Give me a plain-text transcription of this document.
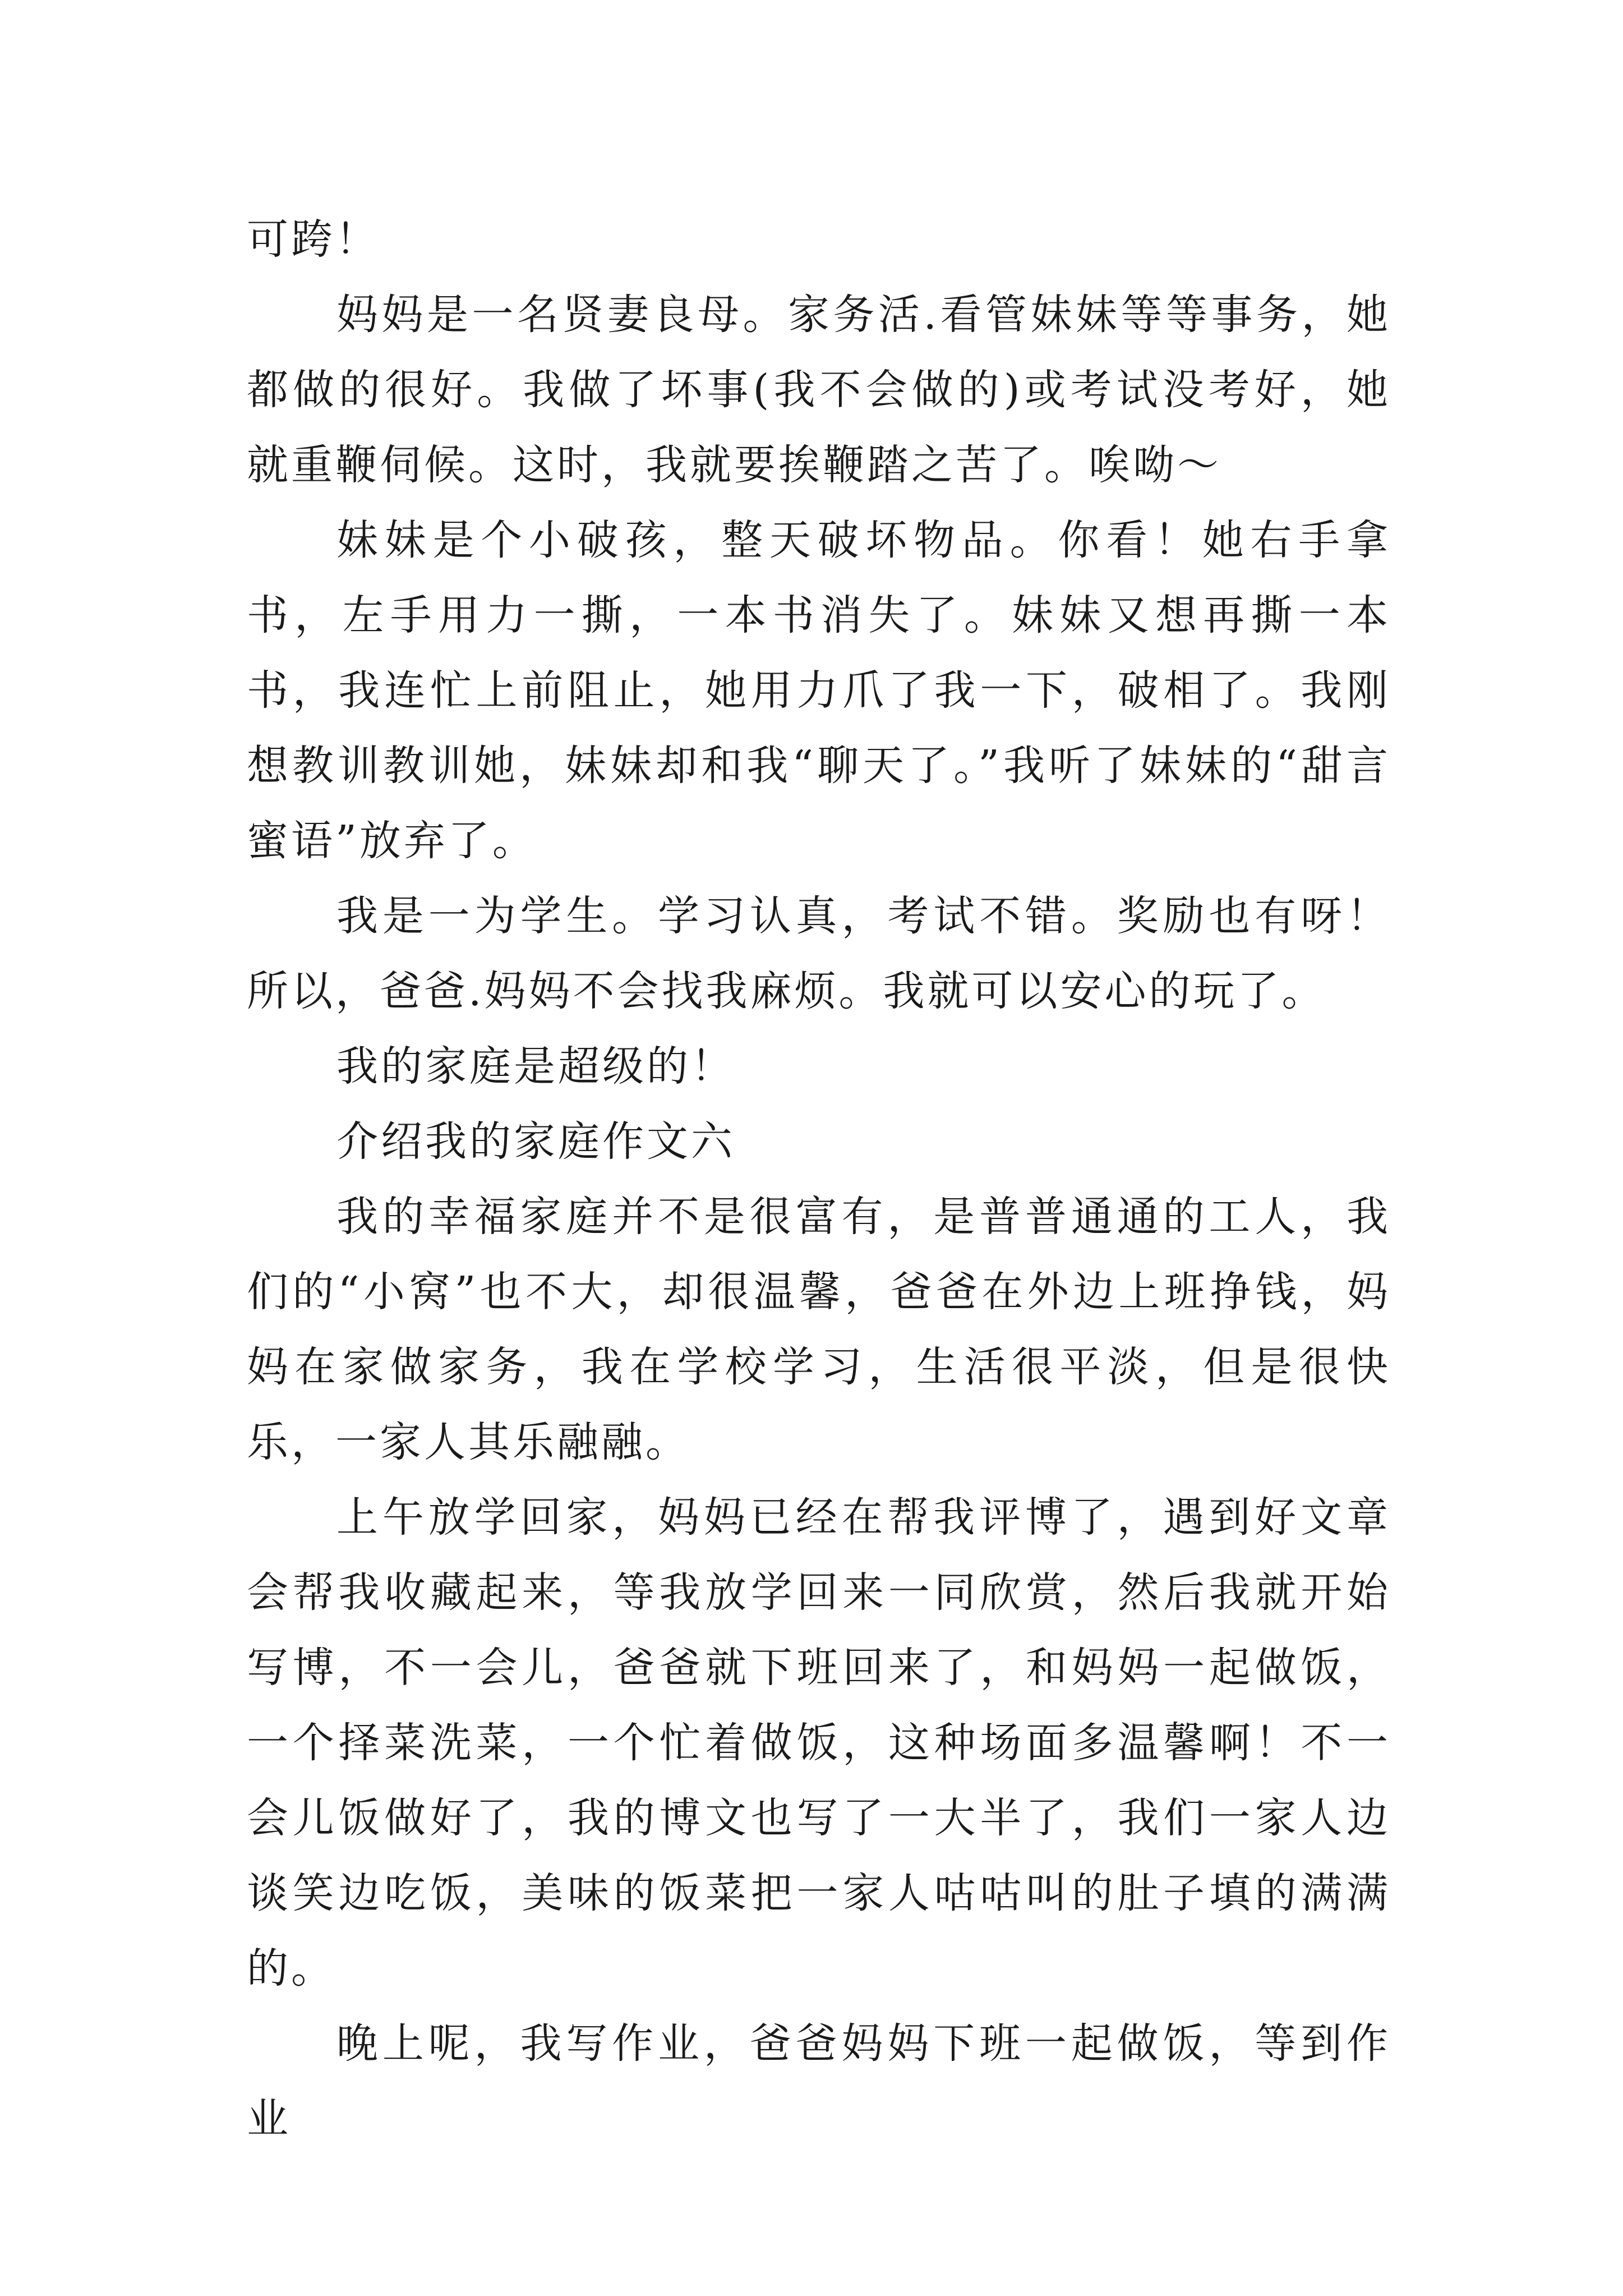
可跨！

妈妈是一名贤妻良母。家务活.看管妹妹等等事务，她都做的很好。我做了坏事(我不会做的)或考试没考好，她就重鞭伺候。这时，我就要挨鞭踏之苦了。唉呦～

妹妹是个小破孩，整天破坏物品。你看！她右手拿书，左手用力一撕，一本书消失了。妹妹又想再撕一本书，我连忙上前阻止，她用力爪了我一下，破相了。我刚想教训教训她，妹妹却和我“聊天了。”我听了妹妹的“甜言蜜语”放弃了。

我是一为学生。学习认真，考试不错。奖励也有呀！所以，爸爸.妈妈不会找我麻烦。我就可以安心的玩了。

我的家庭是超级的！

介绍我的家庭作文六

我的幸福家庭并不是很富有，是普普通通的工人，我们的“小窝”也不大，却很温馨，爸爸在外边上班挣钱，妈妈在家做家务，我在学校学习，生活很平淡，但是很快乐，一家人其乐融融。

上午放学回家，妈妈已经在帮我评博了，遇到好文章会帮我收藏起来，等我放学回来一同欣赏，然后我就开始写博，不一会儿，爸爸就下班回来了，和妈妈一起做饭，一个择菜洗菜，一个忙着做饭，这种场面多温馨啊！不一会儿饭做好了，我的博文也写了一大半了，我们一家人边谈笑边吃饭，美味的饭菜把一家人咕咕叫的肚子填的满满的。

晚上呢，我写作业，爸爸妈妈下班一起做饭，等到作业
